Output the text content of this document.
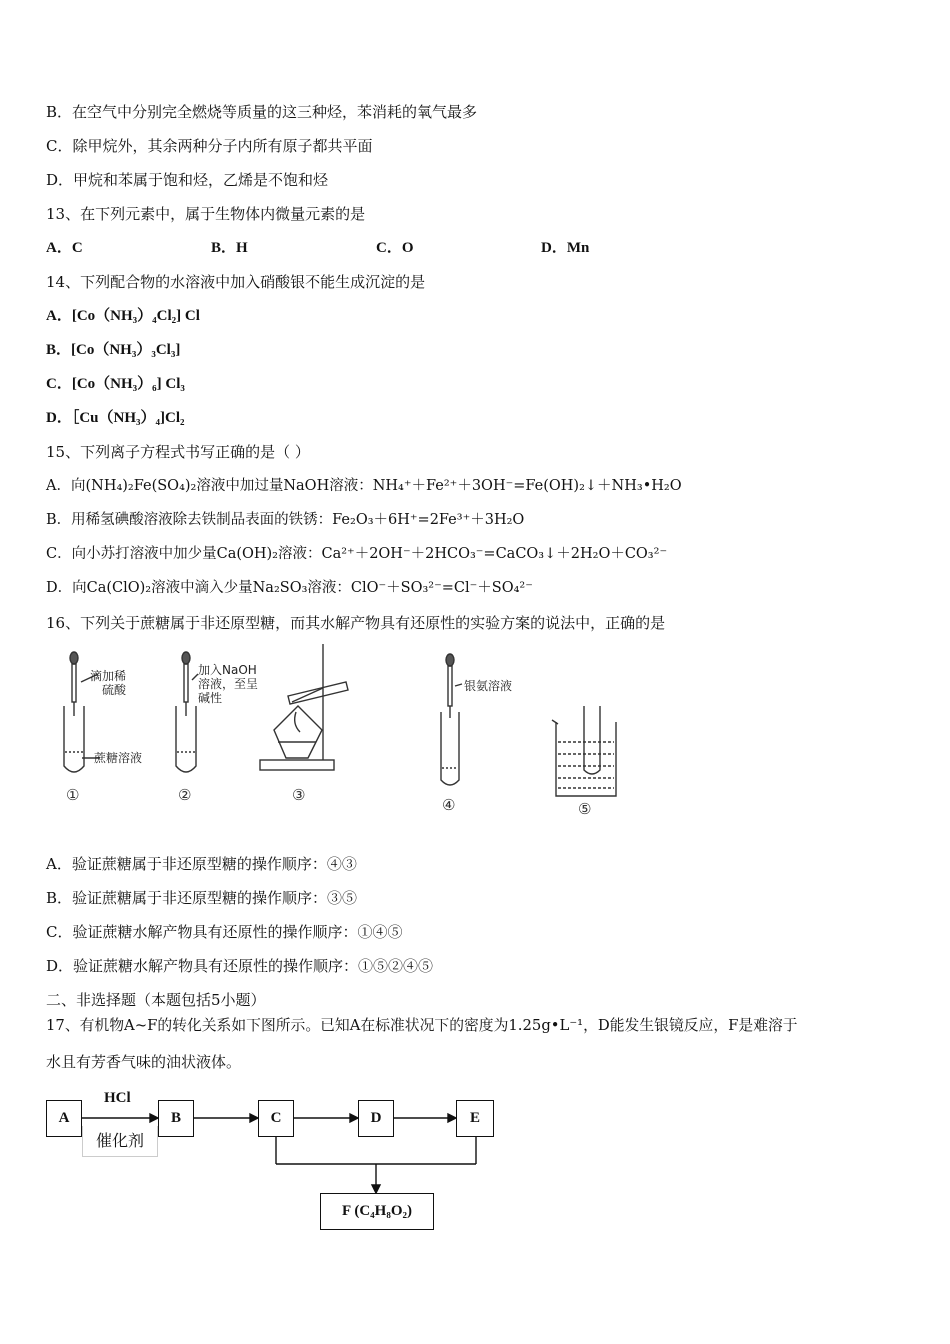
B．在空气中分别完全燃烧等质量的这三种烃，苯消耗的氧气最多
C．除甲烷外，其余两种分子内所有原子都共平面
D．甲烷和苯属于饱和烃，乙烯是不饱和烃
13、在下列元素中，属于生物体内微量元素的是
A．C	B．H	C．O	D．Mn
14、下列配合物的水溶液中加入硝酸银不能生成沉淀的是
A．[Co（NH₃）₄Cl₂] Cl
B．[Co（NH₃）₃Cl₃]
C．[Co（NH₃）₆] Cl₃
D．［Cu（NH₃）₄]Cl₂
15、下列离子方程式书写正确的是（ ）
A．向(NH₄)₂Fe(SO₄)₂溶液中加过量NaOH溶液：NH₄⁺＋Fe²⁺＋3OH⁻=Fe(OH)₂↓＋NH₃•H₂O
B．用稀氢碘酸溶液除去铁制品表面的铁锈：Fe₂O₃＋6H⁺=2Fe³⁺＋3H₂O
C．向小苏打溶液中加少量Ca(OH)₂溶液：Ca²⁺＋2OH⁻＋2HCO₃⁻=CaCO₃↓＋2H₂O＋CO₃²⁻
D．向Ca(ClO)₂溶液中滴入少量Na₂SO₃溶液：ClO⁻＋SO₃²⁻=Cl⁻＋SO₄²⁻
16、下列关于蔗糖属于非还原型糖，而其水解产物具有还原性的实验方案的说法中，正确的是
滴加稀
硫酸
蔗糖溶液
加入NaOH
溶液，至呈
碱性
银氨溶液
①	②	③
④	⑤
A．验证蔗糖属于非还原型糖的操作顺序：④③
B．验证蔗糖属于非还原型糖的操作顺序：③⑤
C．验证蔗糖水解产物具有还原性的操作顺序：①④⑤
D．验证蔗糖水解产物具有还原性的操作顺序：①⑤②④⑤
二、非选择题（本题包括5小题）
17、有机物A~F的转化关系如下图所示。已知A在标准状况下的密度为1.25g•L⁻¹，D能发生银镜反应，F是难溶于
水且有芳香气味的油状液体。
A	B	C	D	E
F (C₄H₈O₂)
HCl
催化剂
